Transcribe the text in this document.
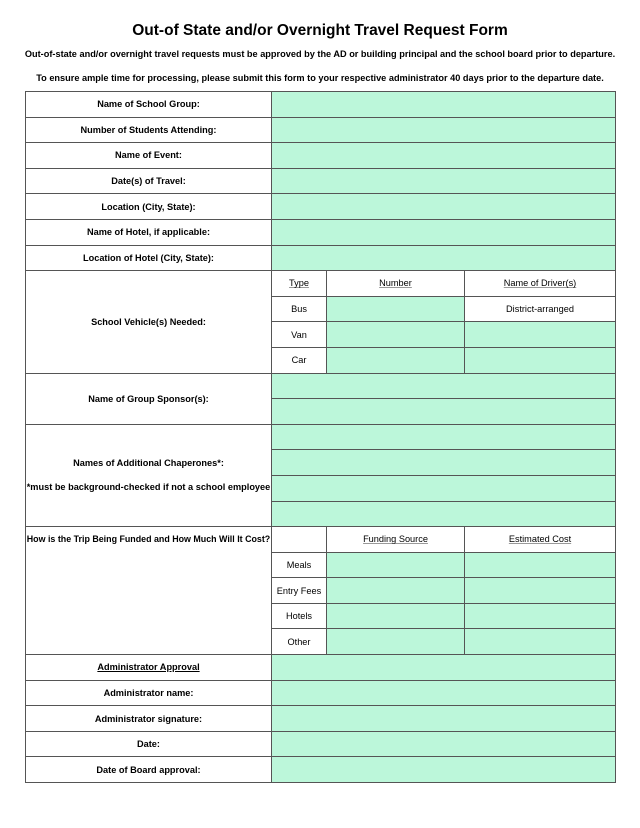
Out-of State and/or Overnight Travel Request Form
Out-of-state and/or overnight travel requests must be approved by the AD or building principal and the school board prior to departure.
To ensure ample time for processing, please submit this form to your respective administrator 40 days prior to the departure date.
Name of School Group:			
Number of Students Attending:			
Name of Event:			
Date(s) of Travel:			
Location (City, State):			
Name of Hotel, if applicable:			
Location of Hotel (City, State):			
School Vehicle(s) Needed:	Type	Number	Name of Driver(s)
	Bus		District-arranged
	Van		
	Car		
Name of Group Sponsor(s):			

Names of Additional Chaperones*:
*must be background-checked if not a school employee			

How is the Trip Being Funded and How Much Will It Cost?		Funding Source	Estimated Cost
	Meals		
	Entry Fees		
	Hotels		
	Other		
Administrator Approval			
Administrator name:			
Administrator signature:			
Date:			
Date of Board approval:			
